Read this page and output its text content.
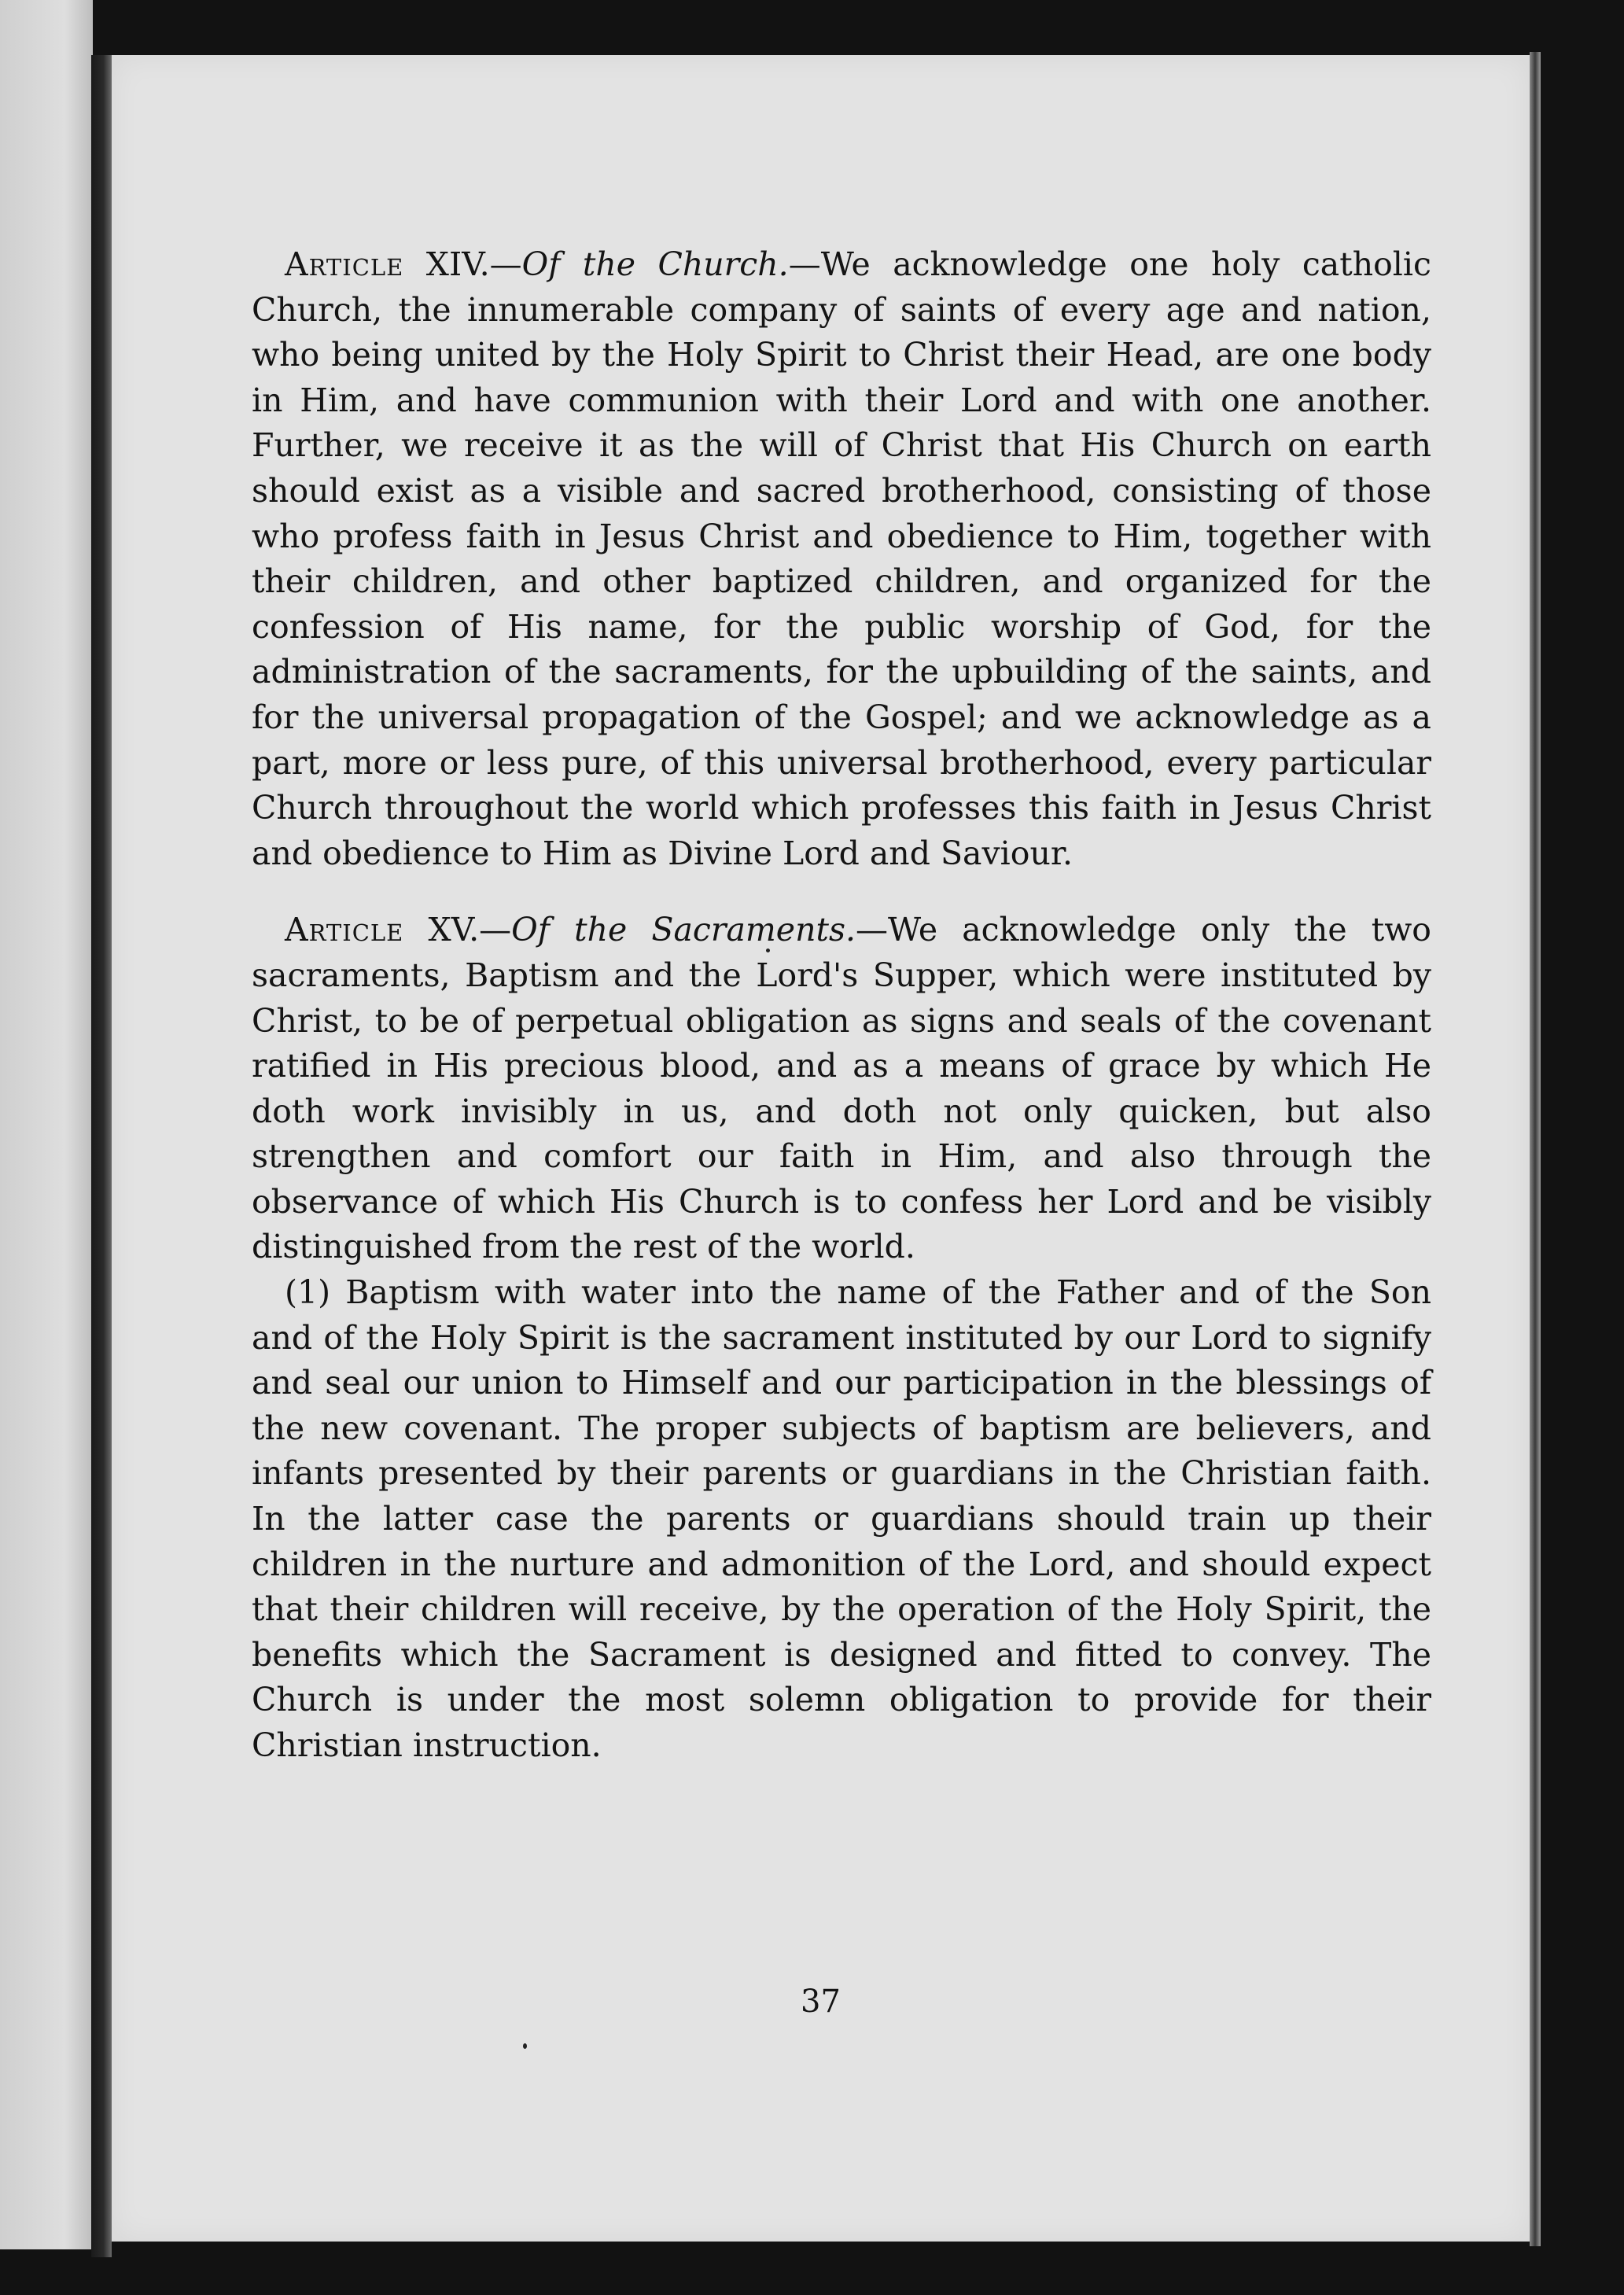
Article XIV.—Of the Church.—We acknowledge one holy catholic Church, the innumerable company of saints of every age and nation, who being united by the Holy Spirit to Christ their Head, are one body in Him, and have communion with their Lord and with one another. Further, we receive it as the will of Christ that His Church on earth should exist as a visible and sacred brotherhood, consisting of those who profess faith in Jesus Christ and obedience to Him, together with their children, and other baptized children, and organized for the confession of His name, for the public worship of God, for the administration of the sacraments, for the upbuilding of the saints, and for the universal propagation of the Gospel; and we acknowledge as a part, more or less pure, of this universal brotherhood, every particular Church throughout the world which professes this faith in Jesus Christ and obedience to Him as Divine Lord and Saviour.

Article XV.—Of the Sacraments.—We acknowledge only the two sacraments, Baptism and the Lord's Supper, which were instituted by Christ, to be of perpetual obligation as signs and seals of the covenant ratified in His precious blood, and as a means of grace by which He doth work invisibly in us, and doth not only quicken, but also strengthen and comfort our faith in Him, and also through the observance of which His Church is to confess her Lord and be visibly distinguished from the rest of the world.

(1) Baptism with water into the name of the Father and of the Son and of the Holy Spirit is the sacrament instituted by our Lord to signify and seal our union to Himself and our participation in the blessings of the new covenant. The proper subjects of baptism are believers, and infants presented by their parents or guardians in the Christian faith. In the latter case the parents or guardians should train up their children in the nurture and admonition of the Lord, and should expect that their children will receive, by the operation of the Holy Spirit, the benefits which the Sacrament is designed and fitted to convey. The Church is under the most solemn obligation to provide for their Christian instruction.

37
